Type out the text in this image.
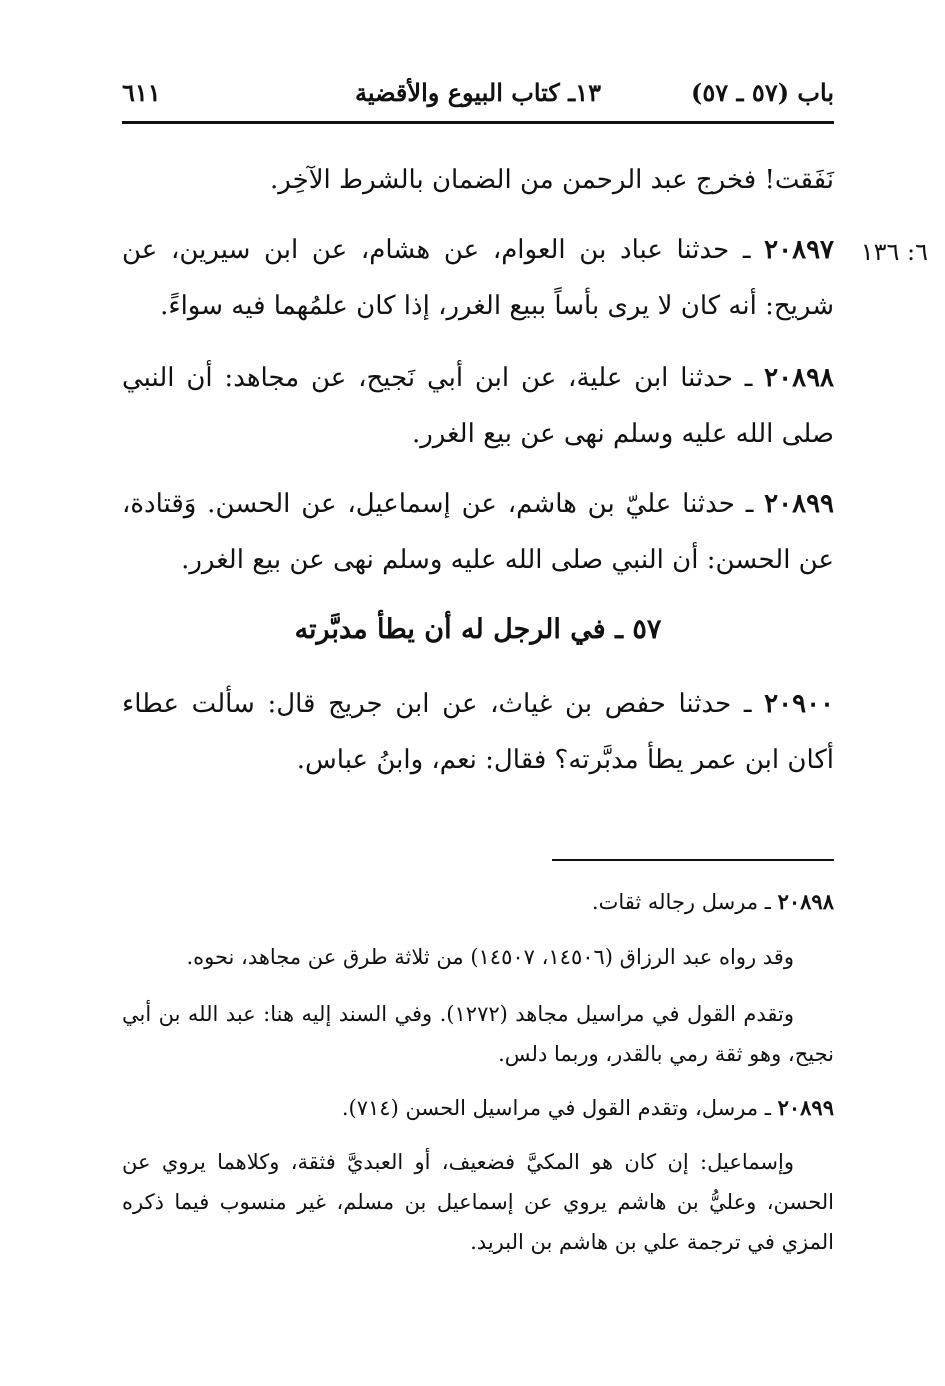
باب (٥٧ ـ ٥٧)
١٣ـ كتاب البيوع والأقضية
٦١١
نَفَقت! فخرج عبد الرحمن من الضمان بالشرط الآخِر.
٦: ١٣٦
٢٠٨٩٧ ـ حدثنا عباد بن العوام، عن هشام، عن ابن سيرين، عن شريح: أنه كان لا يرى بأساً ببيع الغرر، إذا كان علمُهما فيه سواءً.
٢٠٨٩٨ ـ حدثنا ابن علية، عن ابن أبي نَجيح، عن مجاهد: أن النبي صلى الله عليه وسلم نهى عن بيع الغرر.
٢٠٨٩٩ ـ حدثنا عليّ بن هاشم، عن إسماعيل، عن الحسن. وَقتادة، عن الحسن: أن النبي صلى الله عليه وسلم نهى عن بيع الغرر.
٥٧ ـ في الرجل له أن يطأ مدبَّرته
٢٠٩٠٠ ـ حدثنا حفص بن غياث، عن ابن جريج قال: سألت عطاء أكان ابن عمر يطأ مدبَّرته؟ فقال: نعم، وابنُ عباس.
٢٠٨٩٨ ـ مرسل رجاله ثقات.
وقد رواه عبد الرزاق (١٤٥٠٦، ١٤٥٠٧) من ثلاثة طرق عن مجاهد، نحوه.
وتقدم القول في مراسيل مجاهد (١٢٧٢). وفي السند إليه هنا: عبد الله بن أبي نجيح، وهو ثقة رمي بالقدر، وربما دلس.
٢٠٨٩٩ ـ مرسل، وتقدم القول في مراسيل الحسن (٧١٤).
وإسماعيل: إن كان هو المكيَّ فضعيف، أو العبديَّ فثقة، وكلاهما يروي عن الحسن، وعليُّ بن هاشم يروي عن إسماعيل بن مسلم، غير منسوب فيما ذكره المزي في ترجمة علي بن هاشم بن البريد.
